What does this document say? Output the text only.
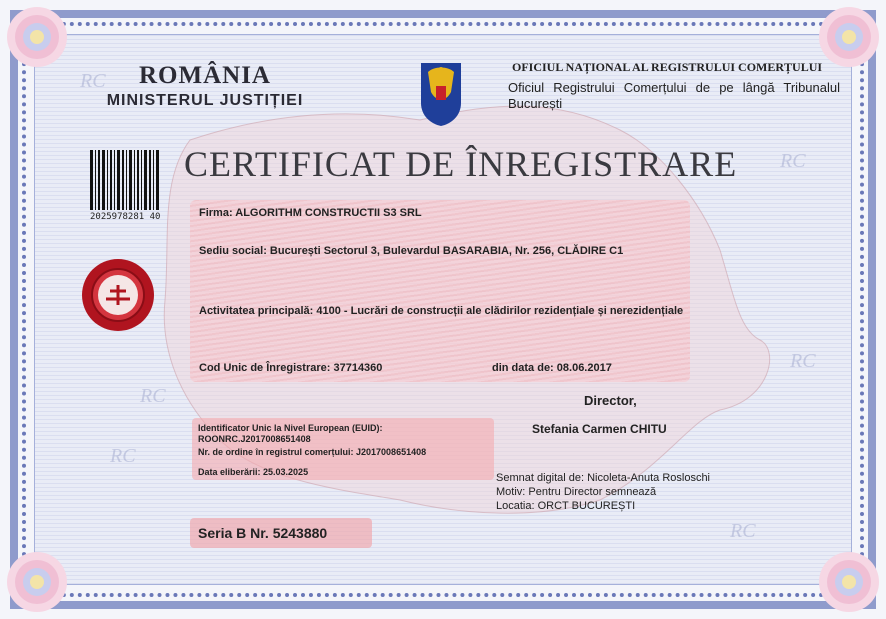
RC
RC
RC
RC
RC
RC
ROMÂNIA
MINISTERUL JUSTIȚIEI
OFICIUL NAȚIONAL AL REGISTRULUI COMERȚULUI
Oficiul Registrului Comerțului de pe lângă Tribunalul București
2025978281 40
CERTIFICAT DE ÎNREGISTRARE
Firma: ALGORITHM CONSTRUCTII S3 SRL
Sediu social: București Sectorul 3, Bulevardul BASARABIA, Nr. 256, CLĂDIRE C1
Activitatea principală: 4100 - Lucrări de construcții ale clădirilor rezidențiale și nerezidențiale
Cod Unic de Înregistrare: 37714360	din data de: 08.06.2017
Director,
Stefania Carmen CHITU
Identificator Unic la Nivel European (EUID):
ROONRC.J2017008651408
Nr. de ordine în registrul comerțului: J2017008651408
Data eliberării: 25.03.2025	Semnat digital de: Nicoleta-Anuta Rosloschi
Motiv: Pentru Director semnează
Locatia: ORCT BUCUREȘTI
Seria B Nr. 5243880
